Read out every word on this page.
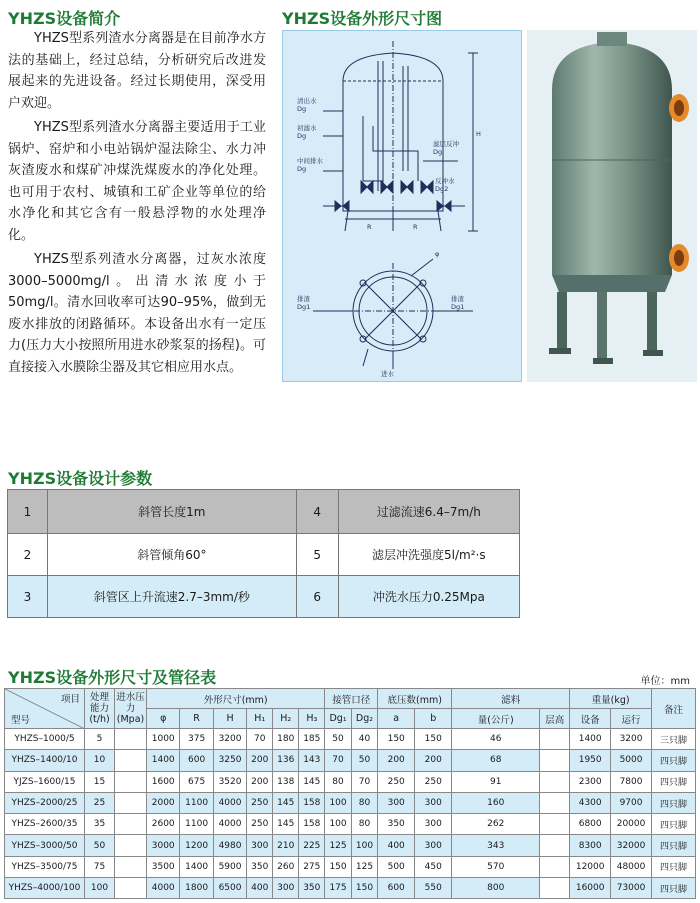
YHZS设备简介	YHZS设备外形尺寸图
YHZS设备设计参数
YHZS设备外形尺寸及管径表

YHZS型系列渣水分离器是在目前净水方法的基础上，经过总结，分析研究后改进发展起来的先进设备。经过长期使用，深受用户欢迎。

YHZS型系列渣水分离器主要适用于工业锅炉、窑炉和小电站锅炉湿法除尘、水力冲灰渣废水和煤矿冲煤洗煤废水的净化处理。也可用于农村、城镇和工矿企业等单位的给水净化和其它含有一般悬浮物的水处理净化。

YHZS型系列渣水分离器，过灰水浓度3000–5000mg/l。出清水浓度小于50mg/l。清水回收率可达90–95%，做到无废水排放的闭路循环。本设备出水有一定压力(压力大小按照所用进水砂浆泵的扬程)。可直接接入水膜除尘器及其它相应用水点。

清出水
Dg
初滤水
Dg
中间排水
Dg
滤层反冲
Dg
反冲水
Dg2
R	R
H
排渣
Dg1
排渣
Dg1
φ
进水
1	斜管长度1m	4	过滤流速6.4–7m/h
2	斜管倾角60°	5	滤层冲洗强度5l/m²·s
3	斜管区上升流速2.7–3mm/秒	6	冲洗水压力0.25Mpa
单位：mm
项目
型号	处理能力(t/h)	进水压力(Mpa)	外形尺寸(mm)						接管口径		底压数(mm)		滤料		重量(kg)		备注
			φ	R	H	H₁	H₂	H₃	Dg₁	Dg₂	a	b	量(公斤)	层高	设备	运行	
YHZS–1000/5	5		1000	375	3200	70	180	185	50	40	150	150	46		1400	3200	三只脚
YHZS–1400/10	10		1400	600	3250	200	136	143	70	50	200	200	68		1950	5000	四只脚
YJZS–1600/15	15		1600	675	3520	200	138	145	80	70	250	250	91		2300	7800	四只脚
YHZS–2000/25	25		2000	1100	4000	250	145	158	100	80	300	300	160		4300	9700	四只脚
YHZS–2600/35	35		2600	1100	4000	250	145	158	100	80	350	300	262		6800	20000	四只脚
YHZS–3000/50	50		3000	1200	4980	300	210	225	125	100	400	300	343		8300	32000	四只脚
YHZS–3500/75	75		3500	1400	5900	350	260	275	150	125	500	450	570		12000	48000	四只脚
YHZS–4000/100	100		4000	1800	6500	400	300	350	175	150	600	550	800		16000	73000	四只脚
